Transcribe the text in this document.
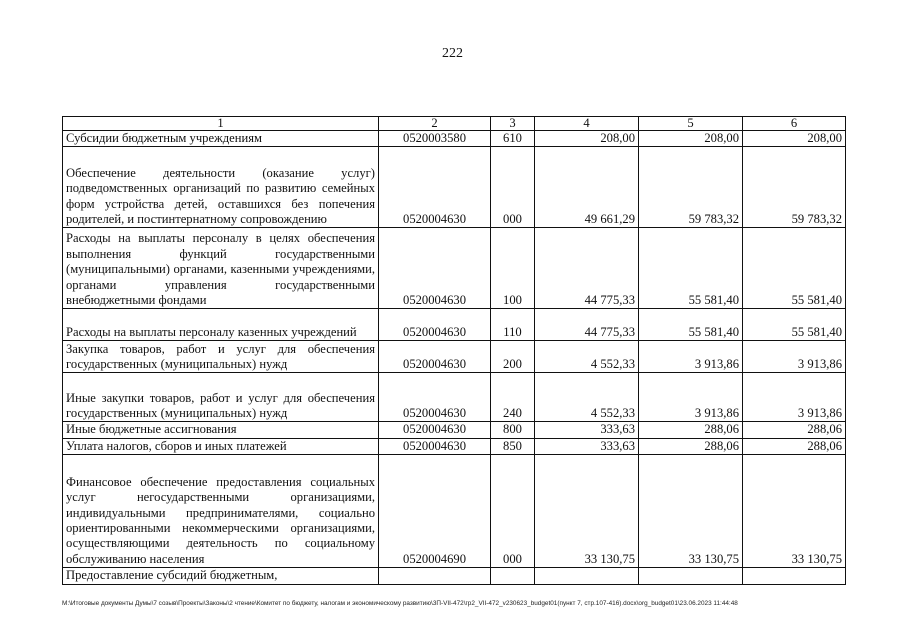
222
1	2	3	4	5	6
Субсидии бюджетным учреждениям	0520003580	610	208,00	208,00	208,00
Обеспечение деятельности (оказание услуг) подведомственных организаций по развитию семейных форм устройства детей, оставшихся без попечения родителей, и постинтернатному сопровождению	0520004630	000	49 661,29	59 783,32	59 783,32
Расходы на выплаты персоналу в целях обеспечения выполнения функций государственными (муниципальными) органами, казенными учреждениями, органами управления государственными внебюджетными фондами	0520004630	100	44 775,33	55 581,40	55 581,40
Расходы на выплаты персоналу казенных учреждений	0520004630	110	44 775,33	55 581,40	55 581,40
Закупка товаров, работ и услуг для обеспечения государственных (муниципальных) нужд	0520004630	200	4 552,33	3 913,86	3 913,86
Иные закупки товаров, работ и услуг для обеспечения государственных (муниципальных) нужд	0520004630	240	4 552,33	3 913,86	3 913,86
Иные бюджетные ассигнования	0520004630	800	333,63	288,06	288,06
Уплата налогов, сборов и иных платежей	0520004630	850	333,63	288,06	288,06
Финансовое обеспечение предоставления социальных услуг негосударственными организациями, индивидуальными предпринимателями, социально ориентированными некоммерческими организациями, осуществляющими деятельность по социальному обслуживанию населения	0520004690	000	33 130,75	33 130,75	33 130,75
Предоставление субсидий бюджетным,					
M:\Итоговые документы Думы\7 созыв\Проекты\Законы\2 чтение\Комитет по бюджету, налогам и экономическому развитию\3П-VII-472\гр2_VII-472_v230623_budget01(пункт 7, стр.107-416).docx\org_budget01\23.06.2023 11:44:48
